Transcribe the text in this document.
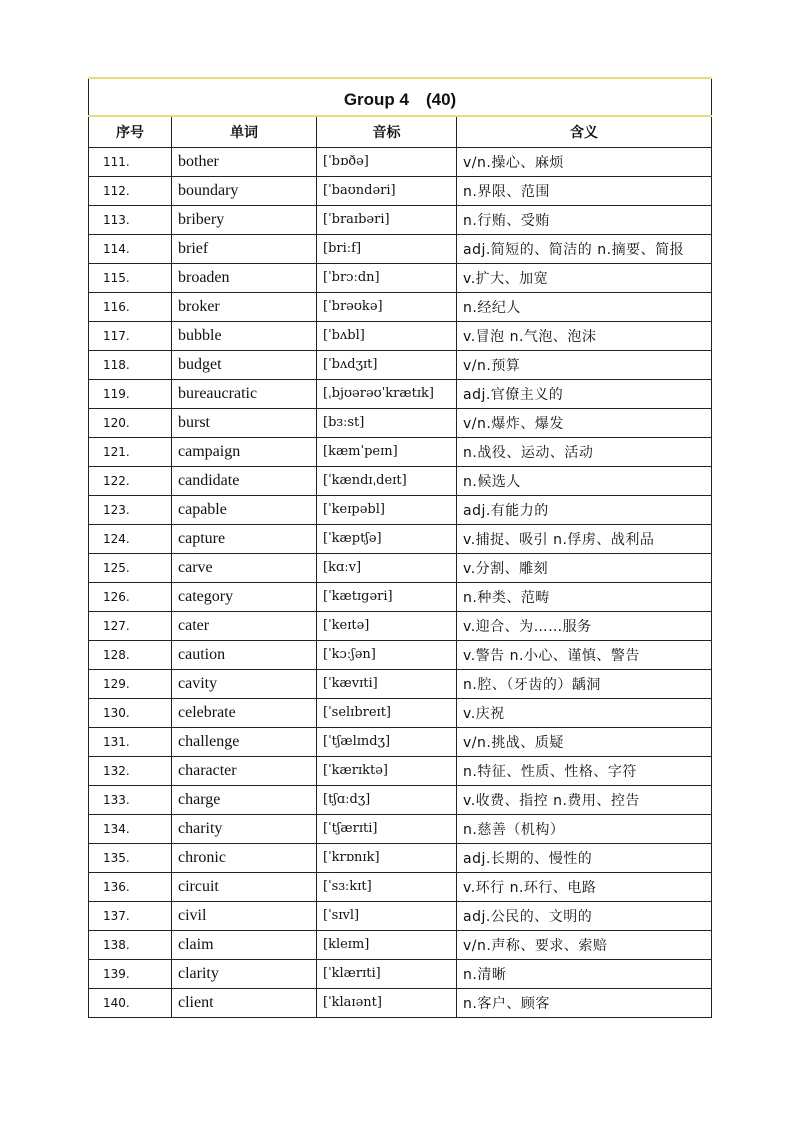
Group 4　(40)			
序号	单词	音标	含义
111.	bother	[ˈbɒðə]	v/n.操心、麻烦
112.	boundary	[ˈbaʊndəri]	n.界限、范围
113.	bribery	[ˈbraɪbəri]	n.行贿、受贿
114.	brief	[briːf]	adj.简短的、简洁的 n.摘要、简报
115.	broaden	[ˈbrɔːdn]	v.扩大、加宽
116.	broker	[ˈbrəʊkə]	n.经纪人
117.	bubble	[ˈbʌbl]	v.冒泡 n.气泡、泡沫
118.	budget	[ˈbʌdʒɪt]	v/n.预算
119.	bureaucratic	[ˌbjʊərəʊˈkrætɪk]	adj.官僚主义的
120.	burst	[bɜːst]	v/n.爆炸、爆发
121.	campaign	[kæmˈpeɪn]	n.战役、运动、活动
122.	candidate	[ˈkændɪˌdeɪt]	n.候选人
123.	capable	[ˈkeɪpəbl]	adj.有能力的
124.	capture	[ˈkæptʃə]	v.捕捉、吸引 n.俘虏、战利品
125.	carve	[kɑːv]	v.分割、雕刻
126.	category	[ˈkætɪgəri]	n.种类、范畴
127.	cater	[ˈkeɪtə]	v.迎合、为……服务
128.	caution	[ˈkɔːʃən]	v.警告 n.小心、谨慎、警告
129.	cavity	[ˈkævɪti]	n.腔、（牙齿的）龋洞
130.	celebrate	[ˈselɪbreɪt]	v.庆祝
131.	challenge	[ˈtʃælɪndʒ]	v/n.挑战、质疑
132.	character	[ˈkærɪktə]	n.特征、性质、性格、字符
133.	charge	[tʃɑːdʒ]	v.收费、指控 n.费用、控告
134.	charity	[ˈtʃærɪti]	n.慈善（机构）
135.	chronic	[ˈkrɒnɪk]	adj.长期的、慢性的
136.	circuit	[ˈsɜːkɪt]	v.环行 n.环行、电路
137.	civil	[ˈsɪvl]	adj.公民的、文明的
138.	claim	[kleɪm]	v/n.声称、要求、索赔
139.	clarity	[ˈklærɪti]	n.清晰
140.	client	[ˈklaɪənt]	n.客户、顾客
